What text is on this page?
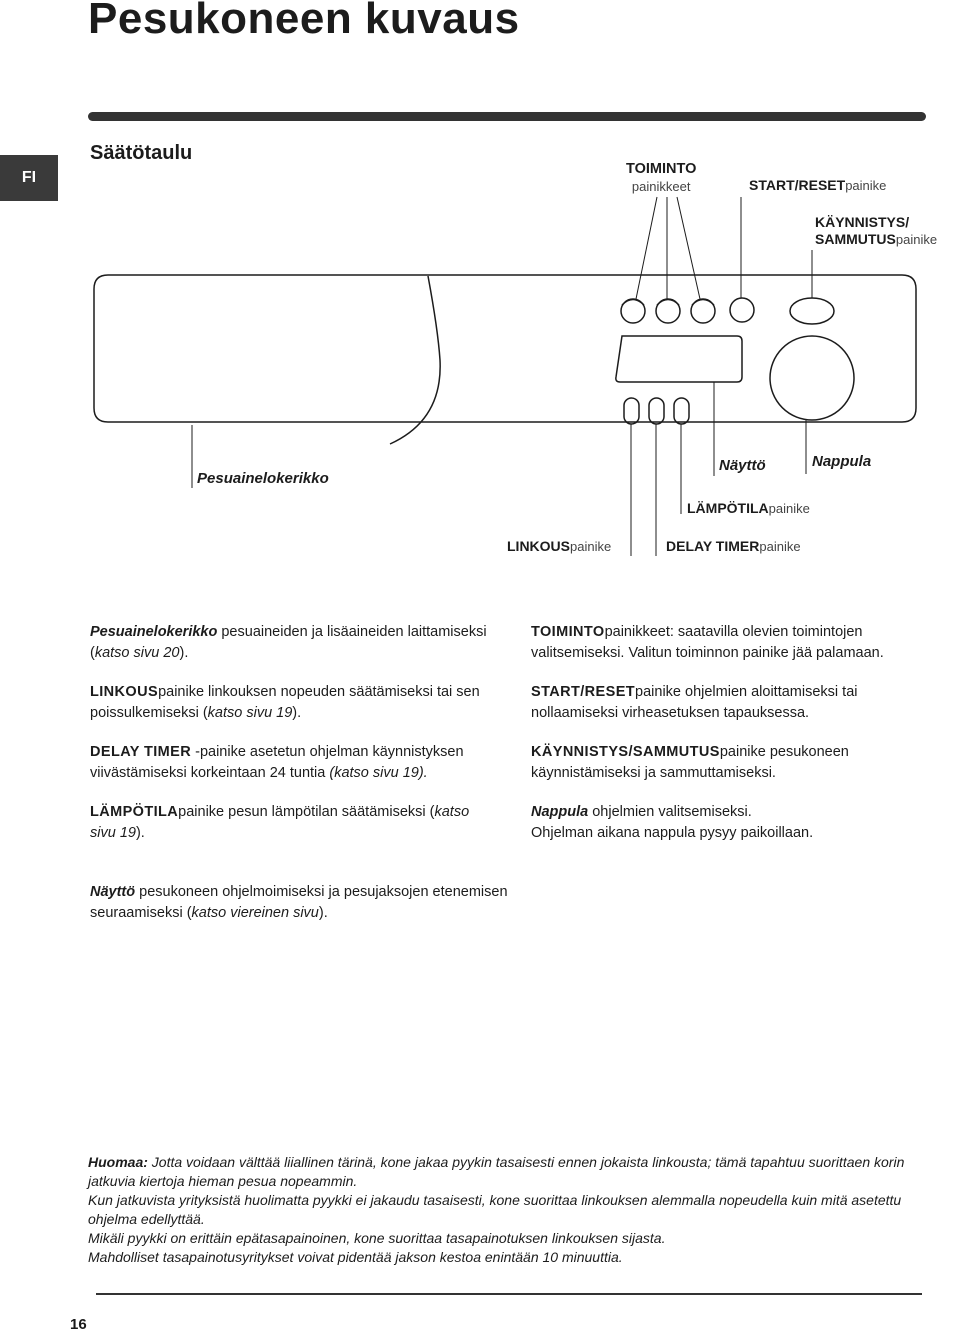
Pesukoneen kuvaus
FI
Säätötaulu
TOIMINTO
painikkeet	START/RESETpainike
KÄYNNISTYS/
SAMMUTUSpainike
Pesuainelokerikko
Näyttö	Nappula
LÄMPÖTILApainike
LINKOUSpainike	DELAY TIMERpainike

Pesuainelokerikko pesuaineiden ja lisäaineiden laittamiseksi (katso sivu 20).

LINKOUSpainike linkouksen nopeuden säätämiseksi tai sen poissulkemiseksi (katso sivu 19).

DELAY TIMER -painike asetetun ohjelman käynnistyksen viivästämiseksi korkeintaan 24 tuntia (katso sivu 19).

LÄMPÖTILApainike pesun lämpötilan säätämiseksi (katso sivu 19).

TOIMINTOpainikkeet: saatavilla olevien toimintojen valitsemiseksi. Valitun toiminnon painike jää palamaan.

START/RESETpainike ohjelmien aloittamiseksi tai nollaamiseksi virheasetuksen tapauksessa.

KÄYNNISTYS/SAMMUTUSpainike pesukoneen käynnistämiseksi ja sammuttamiseksi.

Nappula ohjelmien valitsemiseksi.
Ohjelman aikana nappula pysyy paikoillaan.

Näyttö pesukoneen ohjelmoimiseksi ja pesujaksojen etenemisen seuraamiseksi (katso viereinen sivu).

Huomaa: Jotta voidaan välttää liiallinen tärinä, kone jakaa pyykin tasaisesti ennen jokaista linkousta; tämä tapahtuu suorittaen korin jatkuvia kiertoja hieman pesua nopeammin.

Kun jatkuvista yrityksistä huolimatta pyykki ei jakaudu tasaisesti, kone suorittaa linkouksen alemmalla nopeudella kuin mitä asetettu ohjelma edellyttää.

Mikäli pyykki on erittäin epätasapainoinen, kone suorittaa tasapainotuksen linkouksen sijasta.

Mahdolliset tasapainotusyritykset voivat pidentää jakson kestoa enintään 10 minuuttia.

16
